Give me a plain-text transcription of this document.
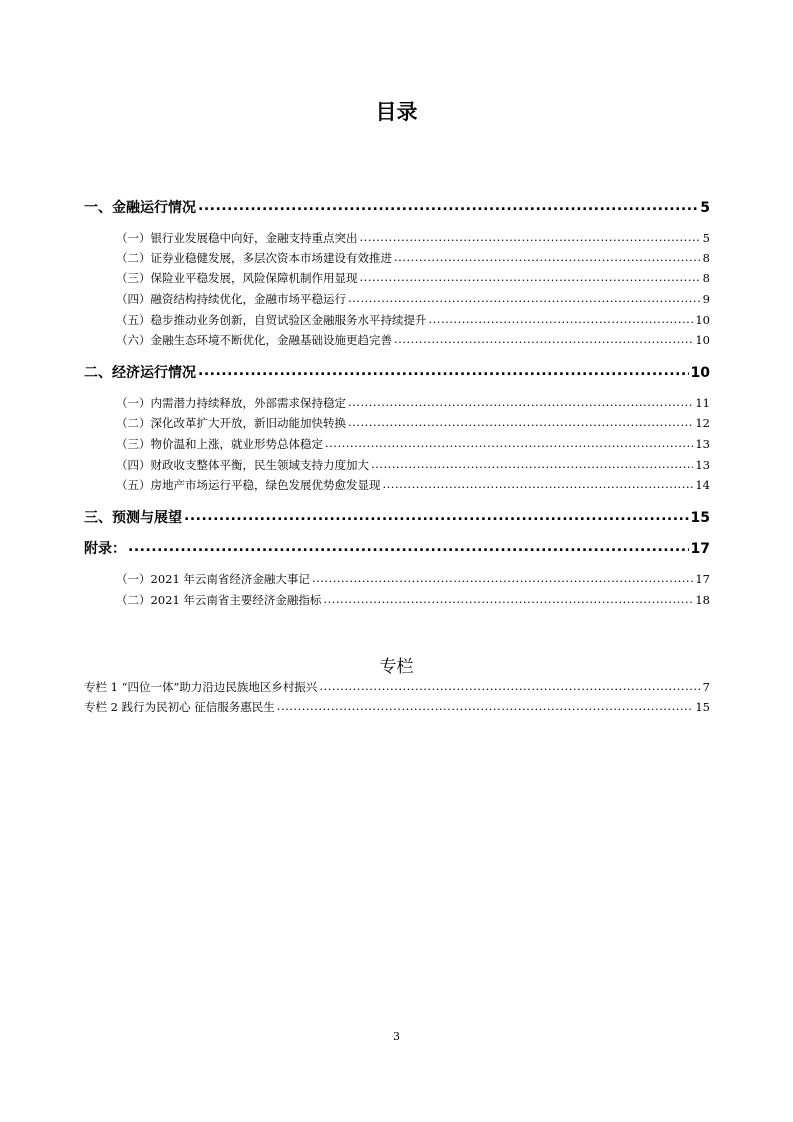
目录
一、金融运行情况 .....	5
（一）银行业发展稳中向好，金融支持重点突出 .....	5
（二）证券业稳健发展，多层次资本市场建设有效推进 .....	8
（三）保险业平稳发展，风险保障机制作用显现 .....	8
（四）融资结构持续优化，金融市场平稳运行 .....	9
（五）稳步推动业务创新，自贸试验区金融服务水平持续提升 .....	10
（六）金融生态环境不断优化，金融基础设施更趋完善 .....	10
二、经济运行情况 .....	10
（一）内需潜力持续释放，外部需求保持稳定 .....	11
（二）深化改革扩大开放，新旧动能加快转换 .....	12
（三）物价温和上涨，就业形势总体稳定 .....	13
（四）财政收支整体平衡，民生领域支持力度加大 .....	13
（五）房地产市场运行平稳，绿色发展优势愈发显现 .....	14
三、预测与展望 .....	15
附录： .....	17
（一）2021 年云南省经济金融大事记 .....	17
（二）2021 年云南省主要经济金融指标 .....	18
专栏
专栏 1 “四位一体”助力沿边民族地区乡村振兴 .....	7
专栏 2 践行为民初心 征信服务惠民生 .....	15
3
